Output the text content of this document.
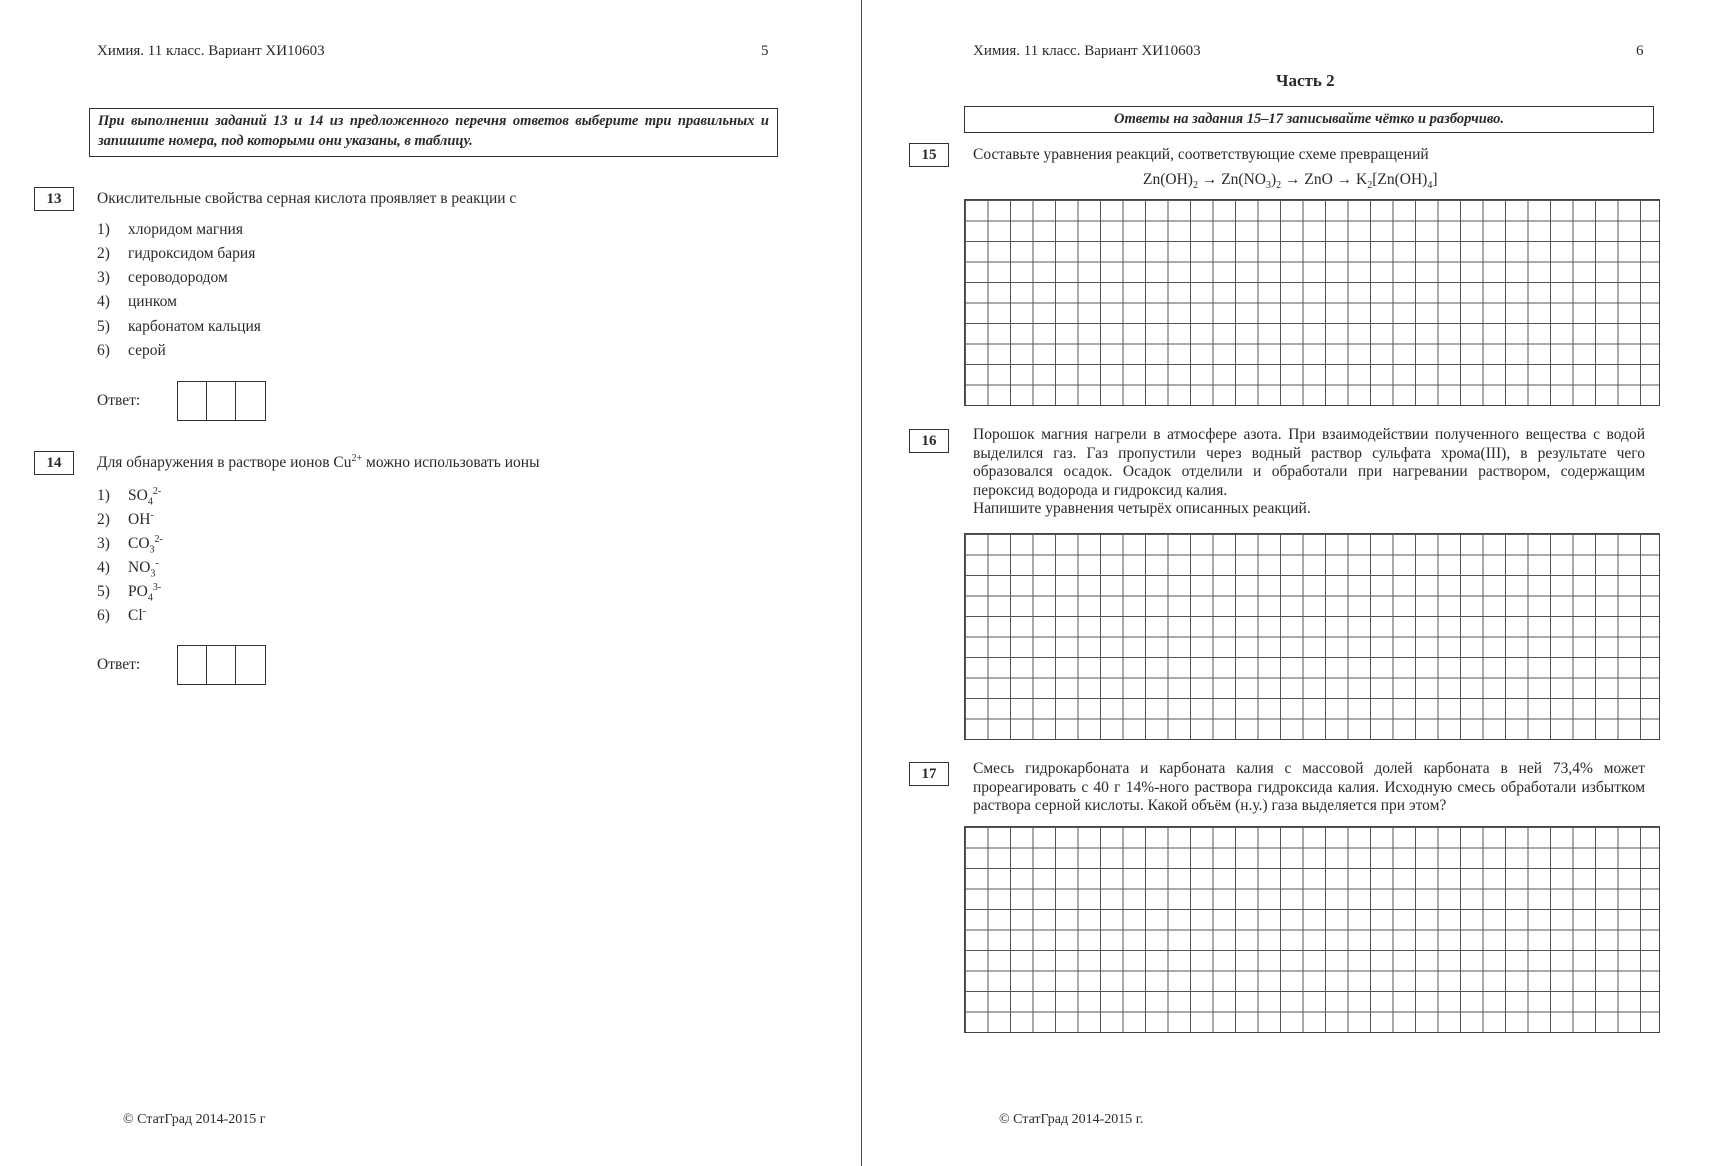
Химия. 11 класс. Вариант ХИ10603	5
При выполнении заданий 13 и 14 из предложенного перечня ответов выберите три правильных и запишите номера, под которыми они указаны, в таблицу.
13	Окислительные свойства серная кислота проявляет в реакции с
1) хлоридом магния
2) гидроксидом бария
3) сероводородом
4) цинком
5) карбонатом кальция
6) серой
Ответ:
14	Для обнаружения в растворе ионов $Cu^{2+}$ можно использовать ионы
1) $SO_4^{2-}$
2) OH-
3) $CO_3^{2-}$
4) $NO_3^-$
5) $PO_4^{3-}$
6) Cl-
Ответ:
© СтатГрад 2014-2015 г
Химия. 11 класс. Вариант ХИ10603	6
Часть 2
Ответы на задания 15–17 записывайте чётко и разборчиво.
15	Составьте уравнения реакций, соответствующие схеме превращений
$Zn(OH)_2 \to Zn(NO_3)_2$ → ZnO → $K_2[Zn(OH)_4]$
16	Порошок магния нагрели в атмосфере азота. При взаимодействии полученного вещества с водой выделился газ. Газ пропустили через водный раствор сульфата хрома(III), в результате чего образовался осадок. Осадок отделили и обработали при нагревании раствором, содержащим пероксид водорода и гидроксид калия.
Напишите уравнения четырёх описанных реакций.
17	Смесь гидрокарбоната и карбоната калия с массовой долей карбоната в ней 73,4% может прореагировать с 40 г 14%-ного раствора гидроксида калия. Исходную смесь обработали избытком раствора серной кислоты. Какой объём (н.у.) газа выделяется при этом?
© СтатГрад 2014-2015 г.
